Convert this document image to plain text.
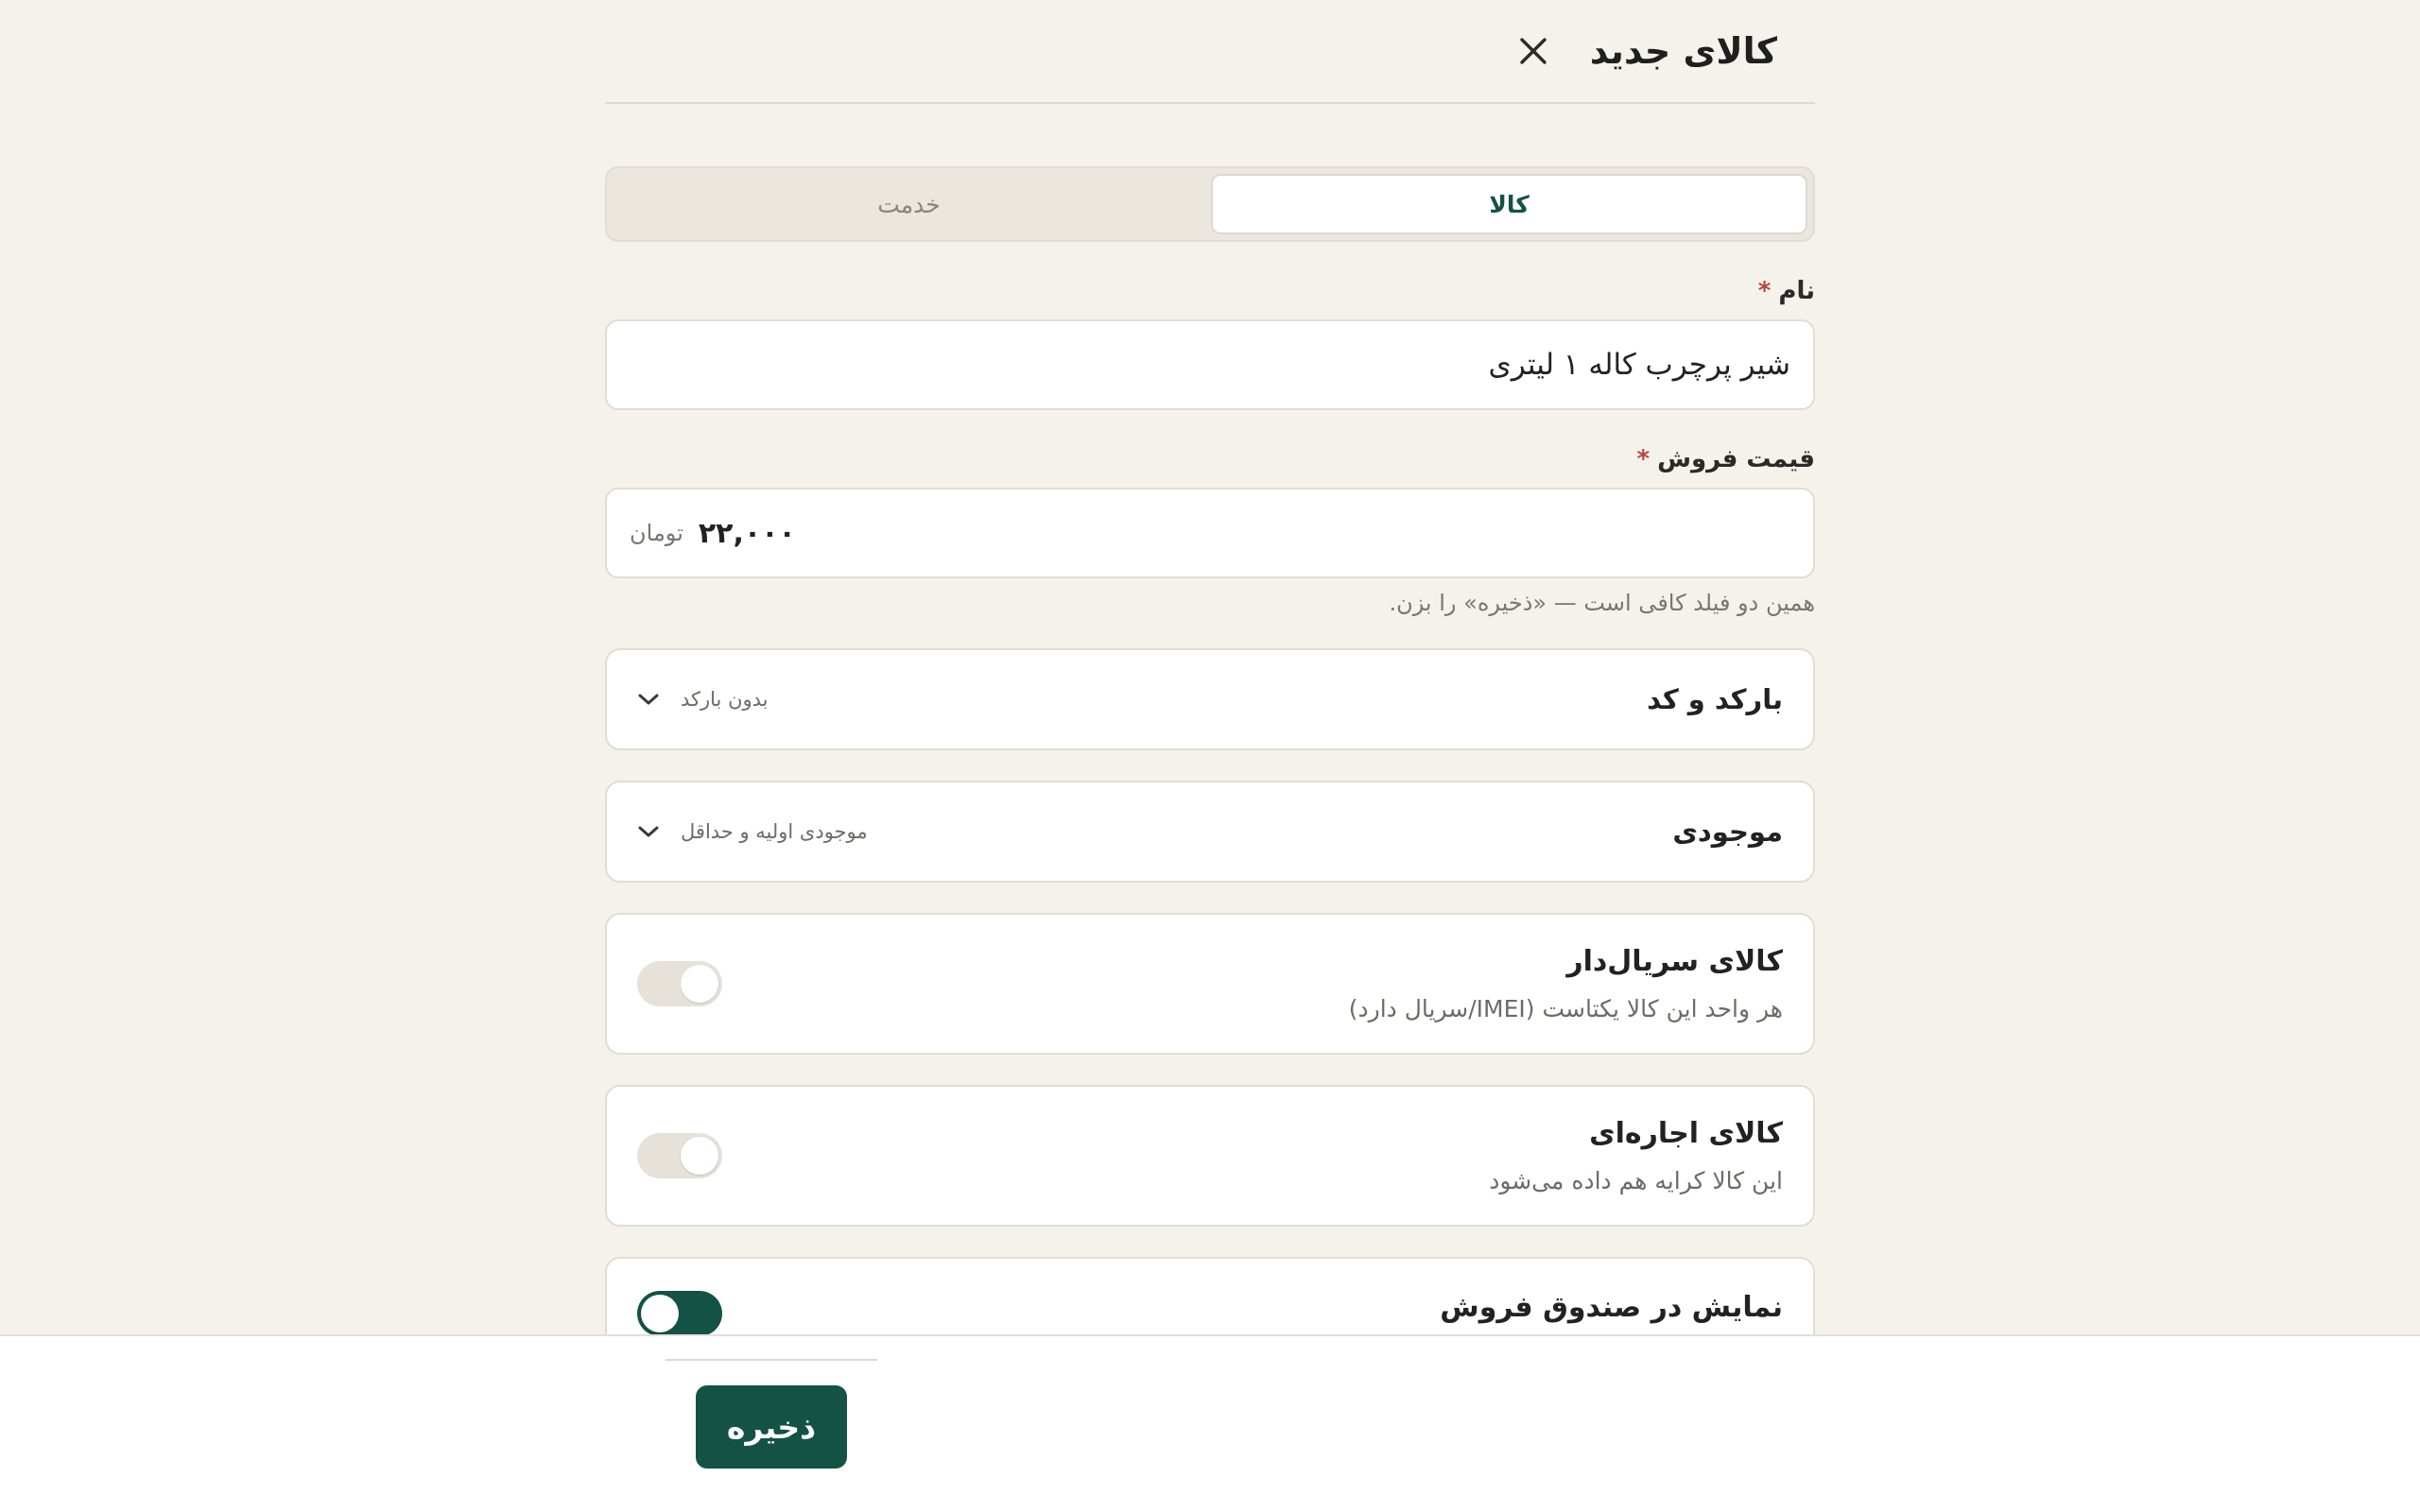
کالای جدید
کالا
خدمت
نام*
شیر پرچرب کاله ۱ لیتری
قیمت فروش*
۲۲,۰۰۰
تومان
همین دو فیلد کافی است — «ذخیره» را بزن.
بارکد و کد
بدون بارکد
موجودی
موجودی اولیه و حداقل
کالای سریال‌دار
هر واحد این کالا یکتاست (IMEI/سریال دارد)
کالای اجاره‌ای
این کالا کرایه هم داده می‌شود
نمایش در صندوق فروش
ذخیره
